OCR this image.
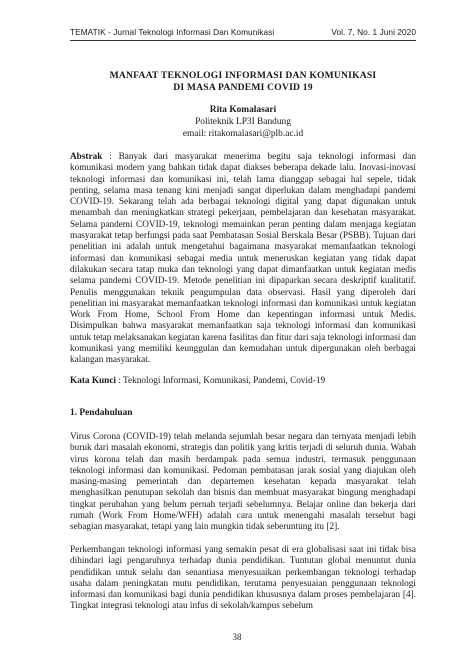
TEMATIK - Jurnal Teknologi Informasi Dan Komunikasi	Vol. 7, No. 1 Juni 2020
MANFAAT TEKNOLOGI INFORMASI DAN KOMUNIKASI
DI MASA PANDEMI COVID 19
Rita Komalasari
Politeknik LP3I Bandung
email: ritakomalasari@plb.ac.id
Abstrak : Banyak dari masyarakat menerima begitu saja teknologi informasi dan komunikasi modern yang bahkan tidak dapat diakses beberapa dekade lalu. Inovasi-inovasi teknologi informasi dan komunikasi ini, telah lama dianggap sebagai hal sepele, tidak penting, selama masa tenang kini menjadi sangat diperlukan dalam menghadapi pandemi COVID-19. Sekarang telah ada berbagai teknologi digital yang dapat digunakan untuk menambah dan meningkatkan strategi pekerjaan, pembelajaran dan kesehatan masyarakat. Selama pandemi COVID-19, teknologi memainkan peran penting dalam menjaga kegiatan masyarakat tetap berfungsi pada saat Pembatasan Sosial Berskala Besar (PSBB). Tujuan dari penelitian ini adalah untuk mengetahui bagaimana masyarakat memanfaatkan teknologi informasi dan komunikasi sebagai media untuk meneruskan kegiatan yang tidak dapat dilakukan secara tatap muka dan teknologi yang dapat dimanfaatkan untuk kegiatan medis selama pandemi COVID-19. Metode penelitian ini dipaparkan secara deskriptif kualitatif. Penulis menggunakan teknik pengumpulan data observasi. Hasil yang diperoleh dari penelitian ini masyarakat memanfaatkan teknologi informasi dan komunikasi untuk kegiatan Work From Home, School From Home dan kepentingan informasi untuk Medis. Disimpulkan bahwa masyarakat memanfaatkan saja teknologi informasi dan komunikasi untuk tetap melaksanakan kegiatan karena fasilitas dan fitur dari saja teknologi informasi dan komunikasi yang memiliki keunggulan dan kemudahan untuk dipergunakan oleh berbagai kalangan masyarakat.
Kata Kunci : Teknologi Informasi, Komunikasi, Pandemi, Covid-19
1. Pendahuluan
Virus Corona (COVID-19) telah melanda sejumlah besar negara dan ternyata menjadi lebih buruk dari masalah ekonomi, strategis dan politik yang kritis terjadi di seluruh dunia. Wabah virus korona telah dan masih berdampak pada semua industri, termasuk penggunaan teknologi informasi dan komunikasi. Pedoman pembatasan jarak sosial yang diajukan oleh masing-masing pemerintah dan departemen kesehatan kepada masyarakat telah menghasilkan penutupan sekolah dan bisnis dan membuat masyarakat bingung menghadapi tingkat perubahan yang belum pernah terjadi sebelumnya. Belajar online dan bekerja dari rumah (Work From Home/WFH) adalah cara untuk menengahi masalah tersebut bagi sebagian masyarakat, tetapi yang lain mungkin tidak seberuntung itu [2].
Perkembangan teknologi informasi yang semakin pesat di era globalisasi saat ini tidak bisa dihindari lagi pengaruhnya terhadap dunia pendidikan. Tuntutan global menuntut dunia pendidikan untuk selalu dan senantiasa menyesuaikan perkembangan teknologi terhadap usaha dalam peningkatan mutu pendidikan, terutama penyesuaian penggunaan teknologi informasi dan komunikasi bagi dunia pendidikan khususnya dalam proses pembelajaran [4]. Tingkat integrasi teknologi atau infus di sekolah/kampus sebelum
38
